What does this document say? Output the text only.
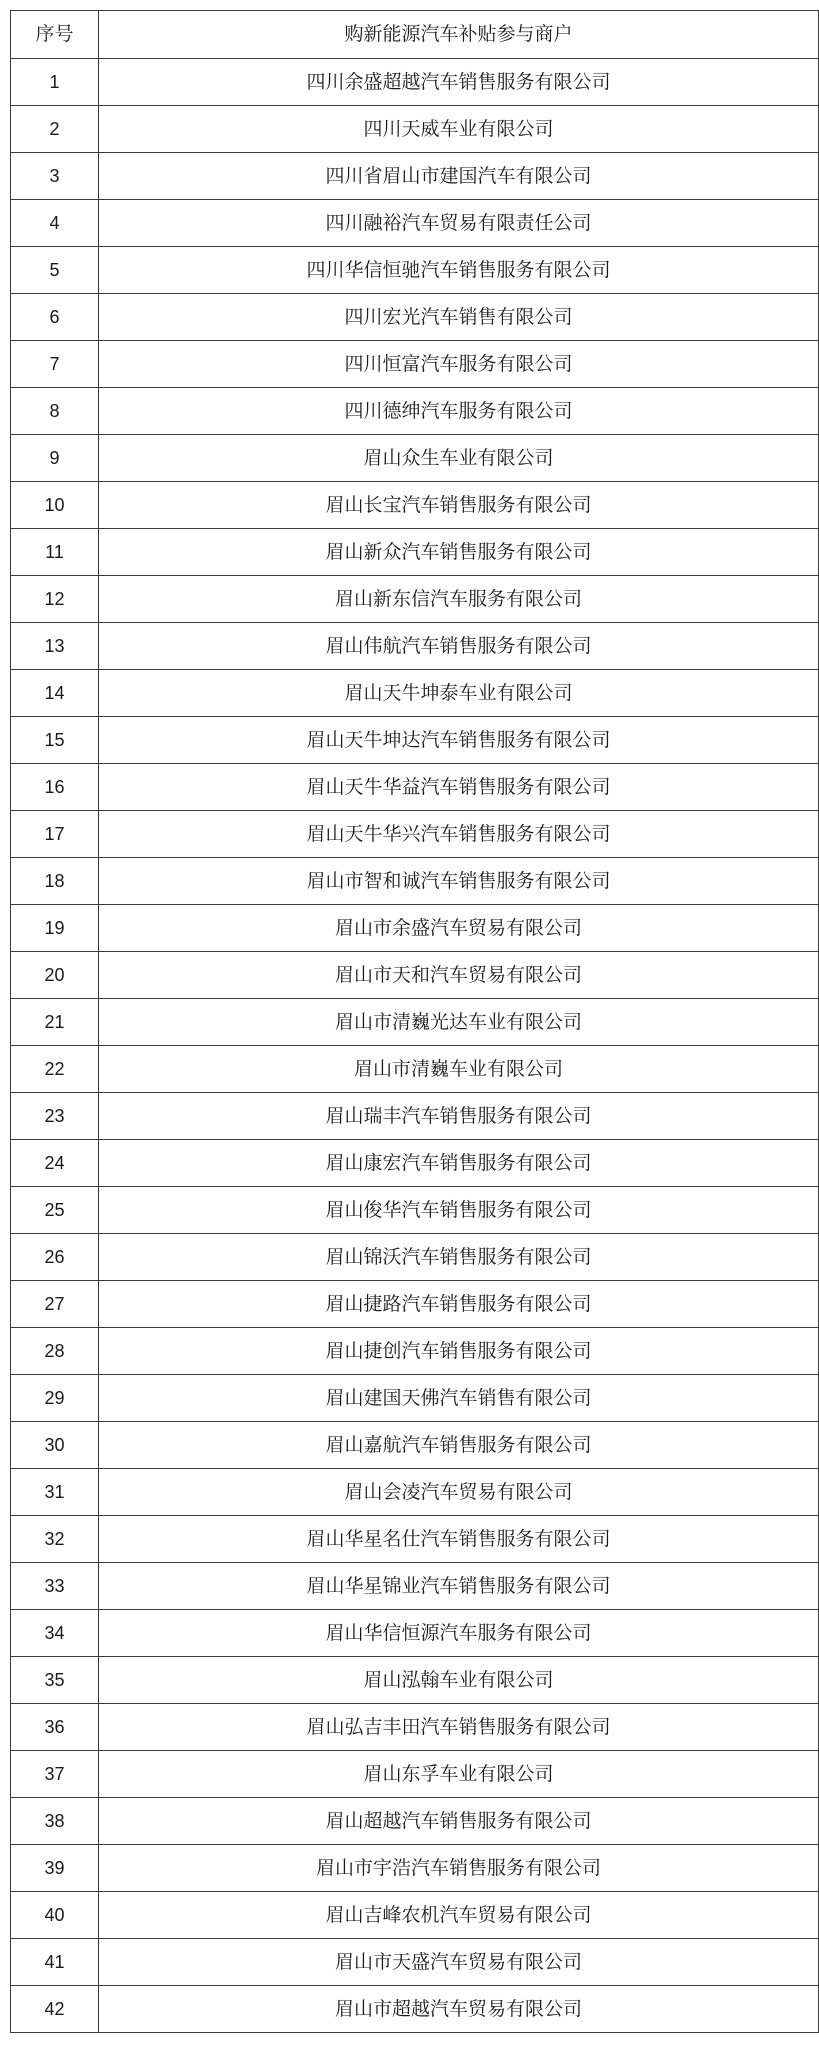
序号	购新能源汽车补贴参与商户
1	四川余盛超越汽车销售服务有限公司
2	四川天威车业有限公司
3	四川省眉山市建国汽车有限公司
4	四川融裕汽车贸易有限责任公司
5	四川华信恒驰汽车销售服务有限公司
6	四川宏光汽车销售有限公司
7	四川恒富汽车服务有限公司
8	四川德绅汽车服务有限公司
9	眉山众生车业有限公司
10	眉山长宝汽车销售服务有限公司
11	眉山新众汽车销售服务有限公司
12	眉山新东信汽车服务有限公司
13	眉山伟航汽车销售服务有限公司
14	眉山天牛坤泰车业有限公司
15	眉山天牛坤达汽车销售服务有限公司
16	眉山天牛华益汽车销售服务有限公司
17	眉山天牛华兴汽车销售服务有限公司
18	眉山市智和诚汽车销售服务有限公司
19	眉山市余盛汽车贸易有限公司
20	眉山市天和汽车贸易有限公司
21	眉山市清巍光达车业有限公司
22	眉山市清巍车业有限公司
23	眉山瑞丰汽车销售服务有限公司
24	眉山康宏汽车销售服务有限公司
25	眉山俊华汽车销售服务有限公司
26	眉山锦沃汽车销售服务有限公司
27	眉山捷路汽车销售服务有限公司
28	眉山捷创汽车销售服务有限公司
29	眉山建国天佛汽车销售有限公司
30	眉山嘉航汽车销售服务有限公司
31	眉山会凌汽车贸易有限公司
32	眉山华星名仕汽车销售服务有限公司
33	眉山华星锦业汽车销售服务有限公司
34	眉山华信恒源汽车服务有限公司
35	眉山泓翰车业有限公司
36	眉山弘吉丰田汽车销售服务有限公司
37	眉山东孚车业有限公司
38	眉山超越汽车销售服务有限公司
39	眉山市宇浩汽车销售服务有限公司
40	眉山吉峰农机汽车贸易有限公司
41	眉山市天盛汽车贸易有限公司
42	眉山市超越汽车贸易有限公司
